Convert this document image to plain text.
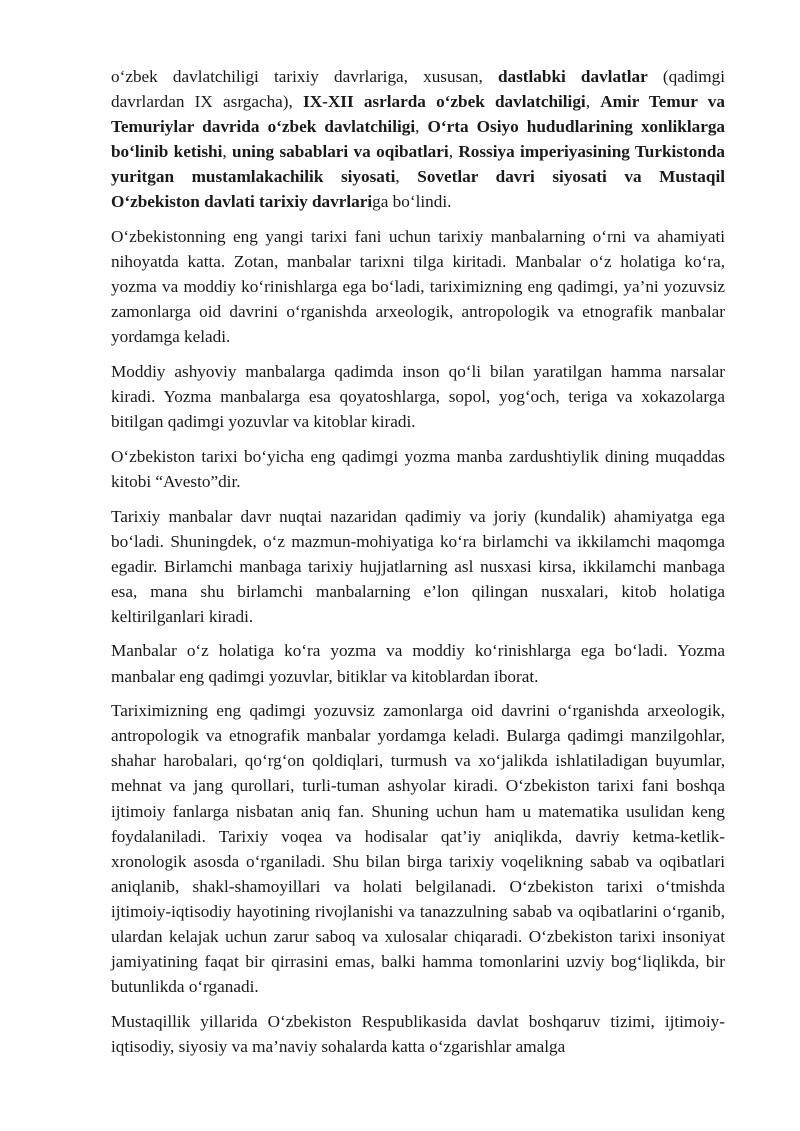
o‘zbek davlatchiligi tarixiy davrlariga, xususan, dastlabki davlatlar (qadimgi davrlardan IX asrgacha), IX-XII asrlarda o‘zbek davlatchiligi, Amir Temur va Temuriylar davrida o‘zbek davlatchiligi, O‘rta Osiyo hududlarining xonliklarga bo‘linib ketishi, uning sabablari va oqibatlari, Rossiya imperiyasining Turkistonda yuritgan mustamlakachilik siyosati, Sovetlar davri siyosati va Mustaqil O‘zbekiston davlati tarixiy davrlariga bo‘lindi.

O‘zbekistonning eng yangi tarixi fani uchun tarixiy manbalarning o‘rni va ahamiyati nihoyatda katta. Zotan, manbalar tarixni tilga kiritadi. Manbalar o‘z holatiga ko‘ra, yozma va moddiy ko‘rinishlarga ega bo‘ladi, tariximizning eng qadimgi, ya’ni yozuvsiz zamonlarga oid davrini o‘rganishda arxeologik, antropologik va etnografik manbalar yordamga keladi.

Moddiy ashyoviy manbalarga qadimda inson qo‘li bilan yaratilgan hamma narsalar kiradi. Yozma manbalarga esa qoyatoshlarga, sopol, yog‘och, teriga va xokazolarga bitilgan qadimgi yozuvlar va kitoblar kiradi.

O‘zbekiston tarixi bo‘yicha eng qadimgi yozma manba zardushtiylik dining muqaddas kitobi “Avesto”dir.

Tarixiy manbalar davr nuqtai nazaridan qadimiy va joriy (kundalik) ahamiyatga ega bo‘ladi. Shuningdek, o‘z mazmun-mohiyatiga ko‘ra birlamchi va ikkilamchi maqomga egadir. Birlamchi manbaga tarixiy hujjatlarning asl nusxasi kirsa, ikkilamchi manbaga esa, mana shu birlamchi manbalarning e’lon qilingan nusxalari, kitob holatiga keltirilganlari kiradi.

Manbalar o‘z holatiga ko‘ra yozma va moddiy ko‘rinishlarga ega bo‘ladi. Yozma manbalar eng qadimgi yozuvlar, bitiklar va kitoblardan iborat.

Tariximizning eng qadimgi yozuvsiz zamonlarga oid davrini o‘rganishda arxeologik, antropologik va etnografik manbalar yordamga keladi. Bularga qadimgi manzilgohlar, shahar harobalari, qo‘rg‘on qoldiqlari, turmush va xo‘jalikda ishlatiladigan buyumlar, mehnat va jang qurollari, turli-tuman ashyolar kiradi. O‘zbekiston tarixi fani boshqa ijtimoiy fanlarga nisbatan aniq fan. Shuning uchun ham u matematika usulidan keng foydalaniladi. Tarixiy voqea va hodisalar qat’iy aniqlikda, davriy ketma-ketlik-xronologik asosda o‘rganiladi. Shu bilan birga tarixiy voqelikning sabab va oqibatlari aniqlanib, shakl-shamoyillari va holati belgilanadi. O‘zbekiston tarixi o‘tmishda ijtimoiy-iqtisodiy hayotining rivojlanishi va tanazzulning sabab va oqibatlarini o‘rganib, ulardan kelajak uchun zarur saboq va xulosalar chiqaradi. O‘zbekiston tarixi insoniyat jamiyatining faqat bir qirrasini emas, balki hamma tomonlarini uzviy bog‘liqlikda, bir butunlikda o‘rganadi.

Mustaqillik yillarida O‘zbekiston Respublikasida davlat boshqaruv tizimi, ijtimoiy-iqtisodiy, siyosiy va ma’naviy sohalarda katta o‘zgarishlar amalga
